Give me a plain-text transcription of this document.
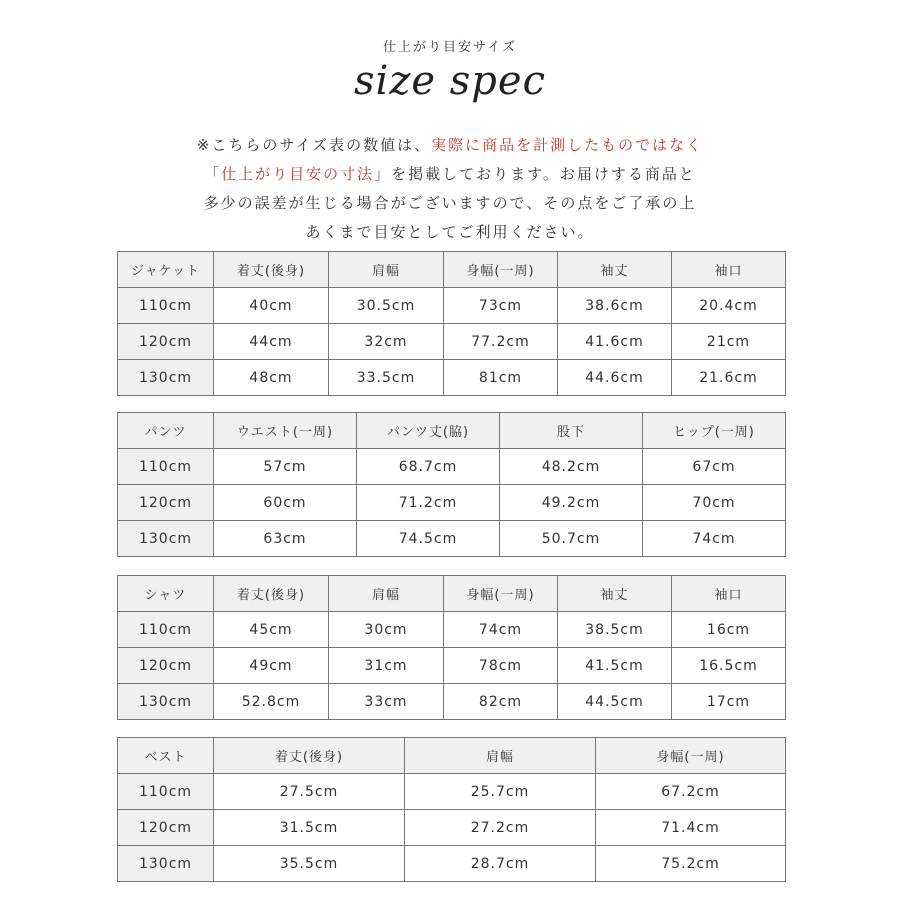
仕上がり目安サイズ
size spec
※こちらのサイズ表の数値は、実際に商品を計測したものではなく
「仕上がり目安の寸法」を掲載しております。お届けする商品と
多少の誤差が生じる場合がございますので、その点をご了承の上
あくまで目安としてご利用ください。
ジャケット	着丈(後身)	肩幅	身幅(一周)	袖丈	袖口
110cm	40cm	30.5cm	73cm	38.6cm	20.4cm
120cm	44cm	32cm	77.2cm	41.6cm	21cm
130cm	48cm	33.5cm	81cm	44.6cm	21.6cm
パンツ	ウエスト(一周)	パンツ丈(脇)	股下	ヒップ(一周)
110cm	57cm	68.7cm	48.2cm	67cm
120cm	60cm	71.2cm	49.2cm	70cm
130cm	63cm	74.5cm	50.7cm	74cm
シャツ	着丈(後身)	肩幅	身幅(一周)	袖丈	袖口
110cm	45cm	30cm	74cm	38.5cm	16cm
120cm	49cm	31cm	78cm	41.5cm	16.5cm
130cm	52.8cm	33cm	82cm	44.5cm	17cm
ベスト	着丈(後身)	肩幅	身幅(一周)
110cm	27.5cm	25.7cm	67.2cm
120cm	31.5cm	27.2cm	71.4cm
130cm	35.5cm	28.7cm	75.2cm
